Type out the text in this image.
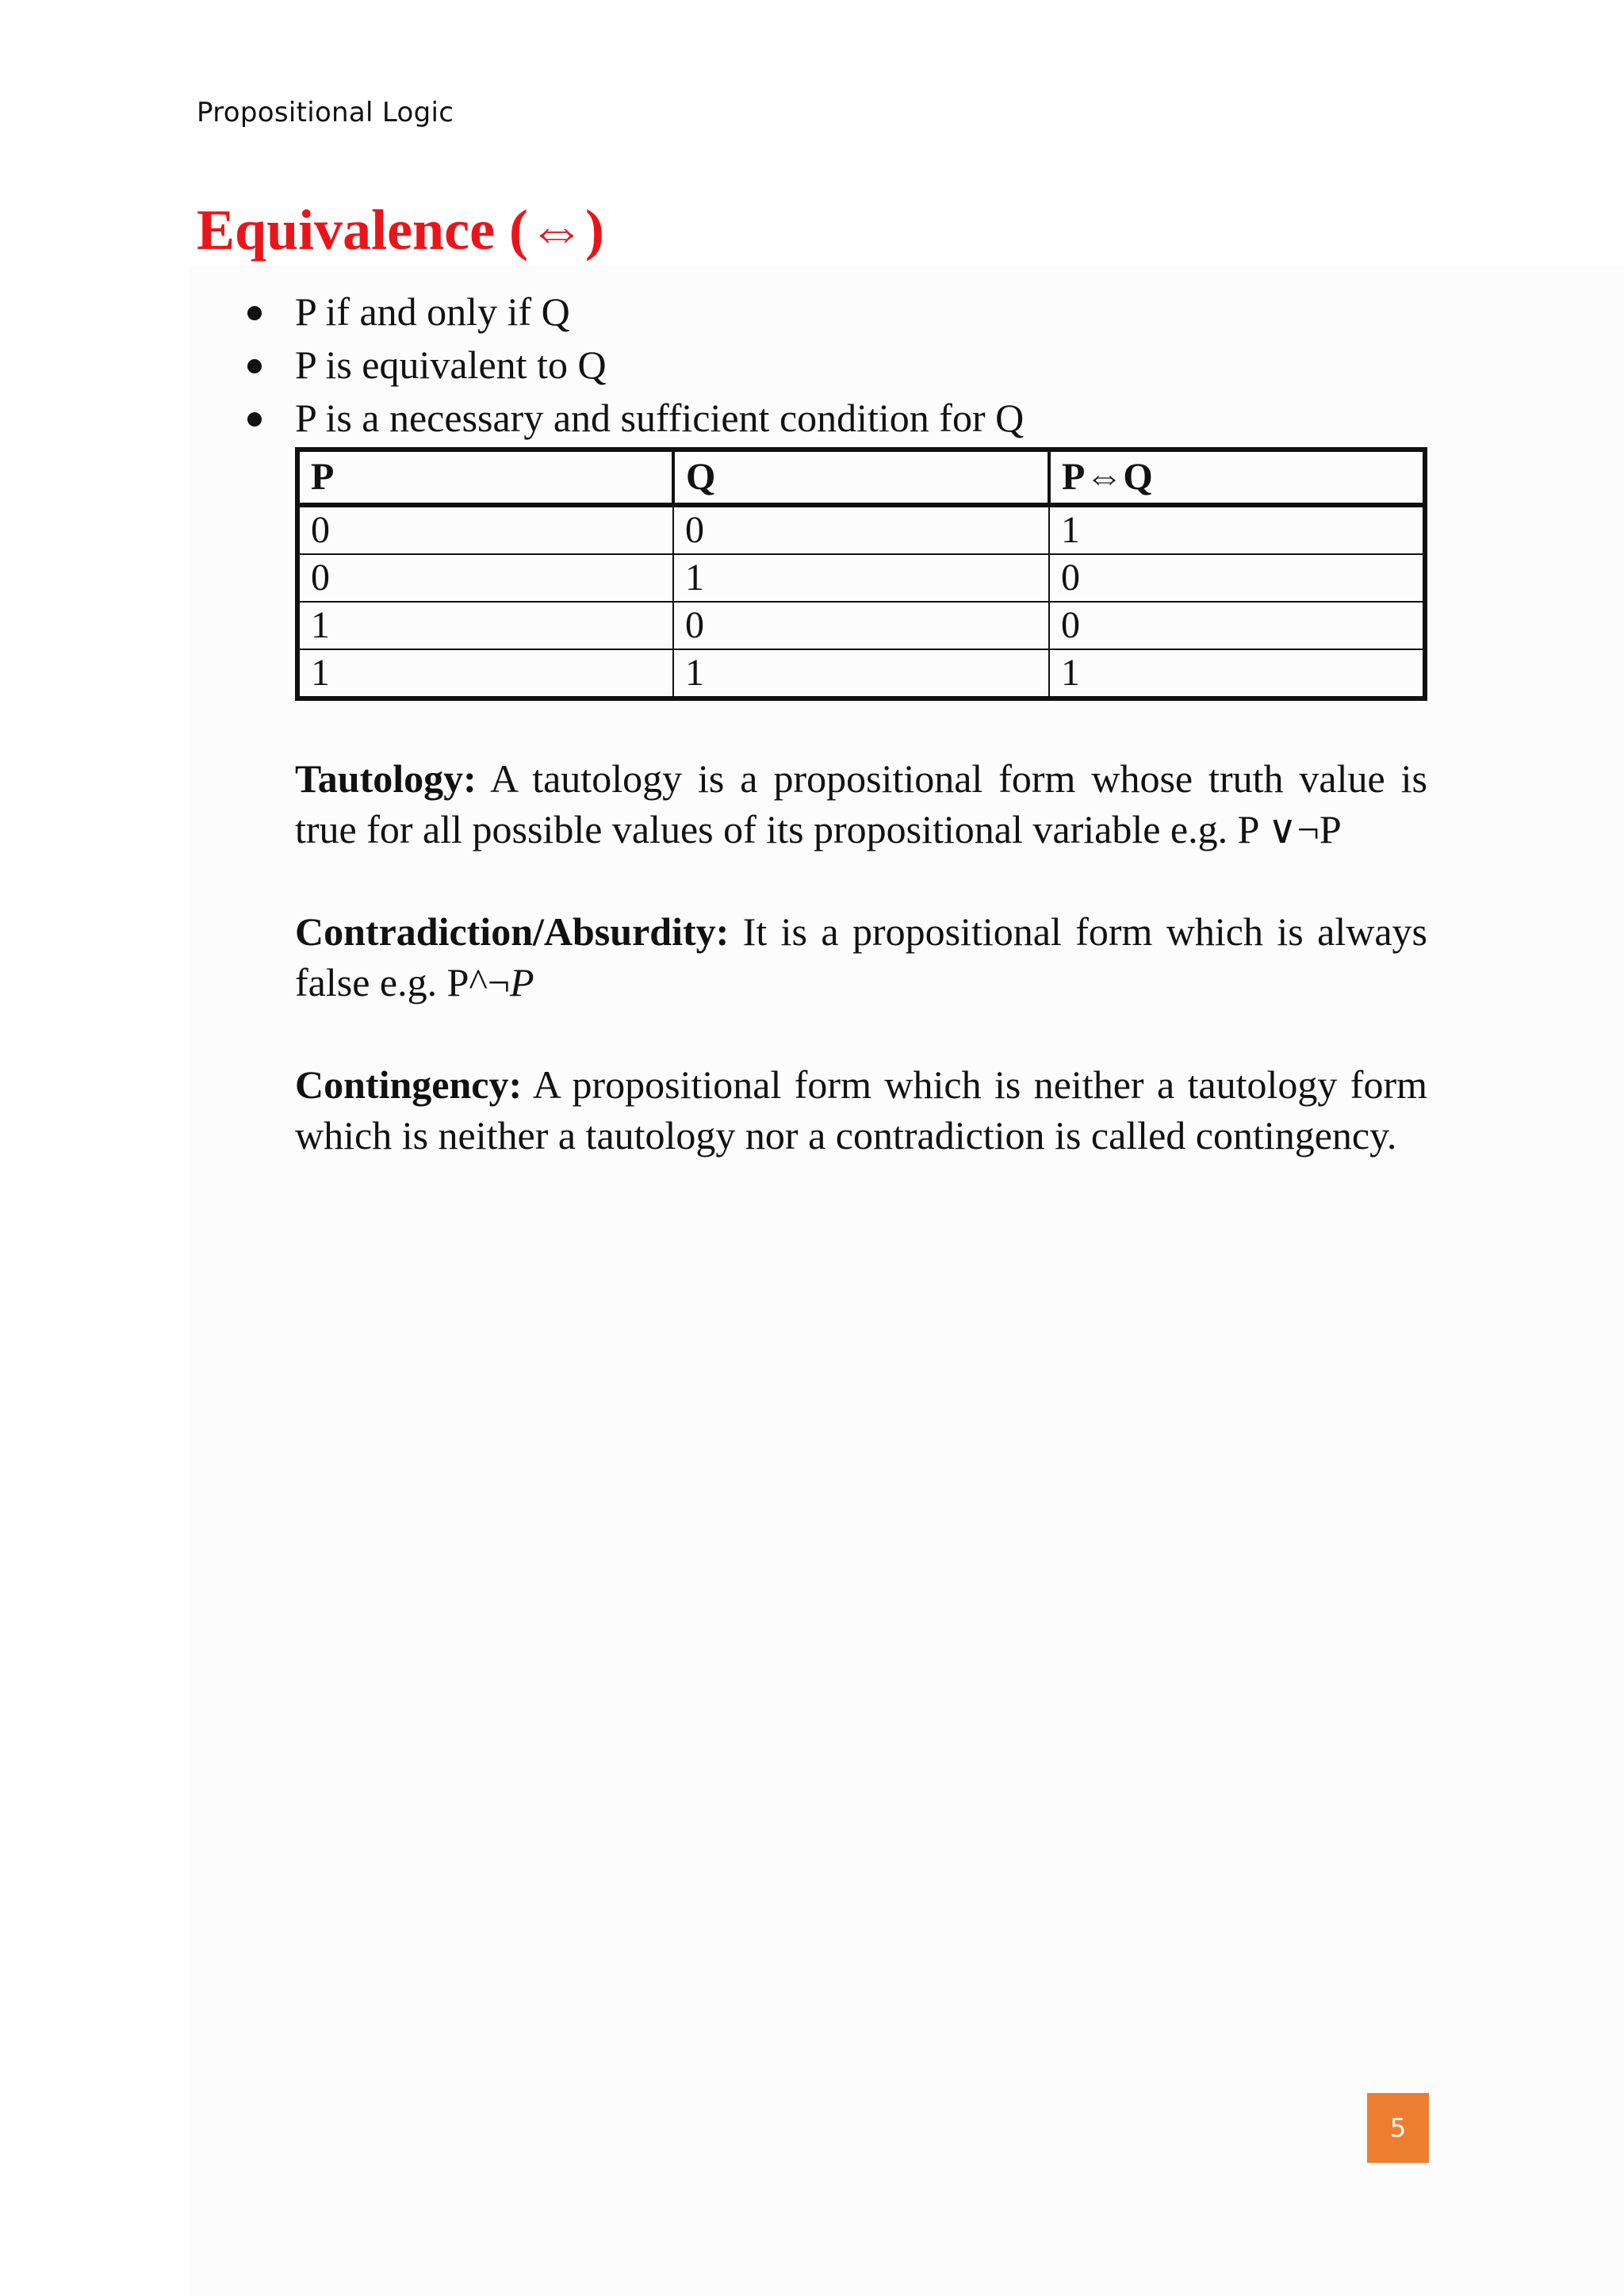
Propositional Logic
Equivalence (⇔)
P if and only if Q
P is equivalent to Q
P is a necessary and sufficient condition for Q
P	Q	P⇔Q
0	0	1
0	1	0
1	0	0
1	1	1

Tautology: A tautology is a propositional form whose truth value is true for all possible values of its propositional variable e.g. P ∨¬P

Contradiction/Absurdity: It is a propositional form which is always false e.g. P^¬P

Contingency: A propositional form which is neither a tautology form which is neither a tautology nor a contradiction is called contingency.

5
